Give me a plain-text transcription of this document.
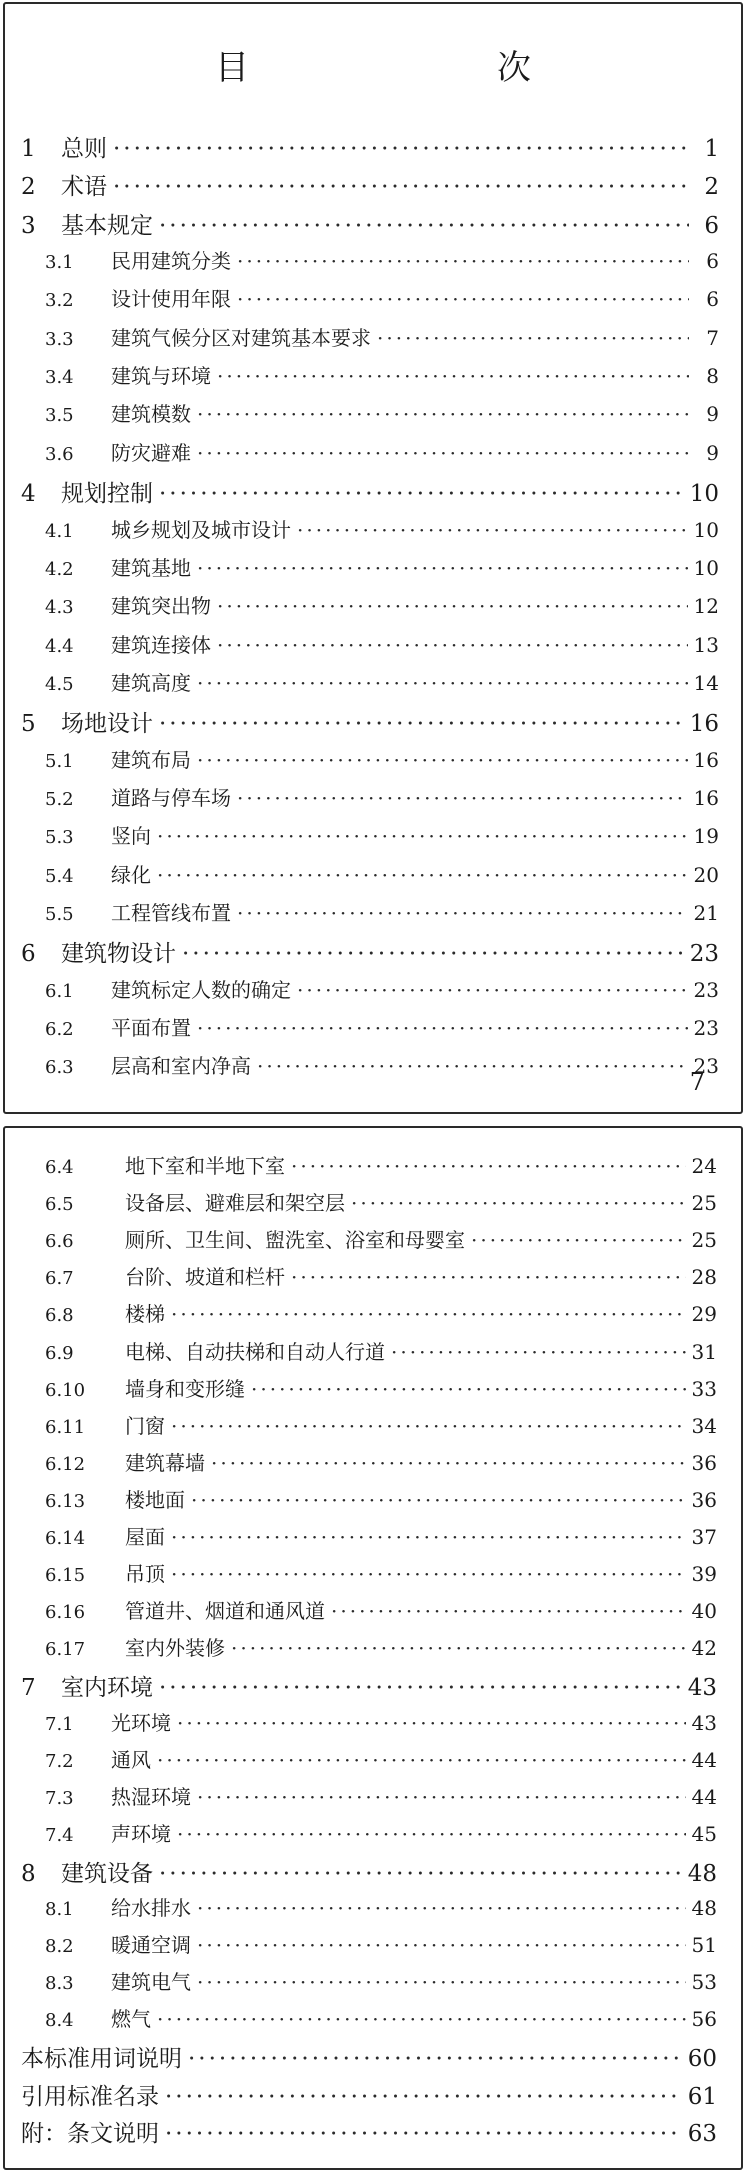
目　　次
1	总则 ·····	1
2	术语 ·····	2
3	基本规定 ·····	6
3.1	民用建筑分类 ·····	6
3.2	设计使用年限 ·····	6
3.3	建筑气候分区对建筑基本要求 ·····	7
3.4	建筑与环境 ·····	8
3.5	建筑模数 ·····	9
3.6	防灾避难 ·····	9
4	规划控制 ·····	10
4.1	城乡规划及城市设计 ·····	10
4.2	建筑基地 ·····	10
4.3	建筑突出物 ·····	12
4.4	建筑连接体 ·····	13
4.5	建筑高度 ·····	14
5	场地设计 ·····	16
5.1	建筑布局 ·····	16
5.2	道路与停车场 ·····	16
5.3	竖向 ·····	19
5.4	绿化 ·····	20
5.5	工程管线布置 ·····	21
6	建筑物设计 ·····	23
6.1	建筑标定人数的确定 ·····	23
6.2	平面布置 ·····	23
6.3	层高和室内净高 ·····	23
7
6.4	地下室和半地下室 ·····	24
6.5	设备层、避难层和架空层 ·····	25
6.6	厕所、卫生间、盥洗室、浴室和母婴室 ·····	25
6.7	台阶、坡道和栏杆 ·····	28
6.8	楼梯 ·····	29
6.9	电梯、自动扶梯和自动人行道 ·····	31
6.10	墙身和变形缝 ·····	33
6.11	门窗 ·····	34
6.12	建筑幕墙 ·····	36
6.13	楼地面 ·····	36
6.14	屋面 ·····	37
6.15	吊顶 ·····	39
6.16	管道井、烟道和通风道 ·····	40
6.17	室内外装修 ·····	42
7	室内环境 ·····	43
7.1	光环境 ·····	43
7.2	通风 ·····	44
7.3	热湿环境 ·····	44
7.4	声环境 ·····	45
8	建筑设备 ·····	48
8.1	给水排水 ·····	48
8.2	暖通空调 ·····	51
8.3	建筑电气 ·····	53
8.4	燃气 ·····	56
本标准用词说明 ·····	60
引用标准名录 ·····	61
附：条文说明 ·····	63
